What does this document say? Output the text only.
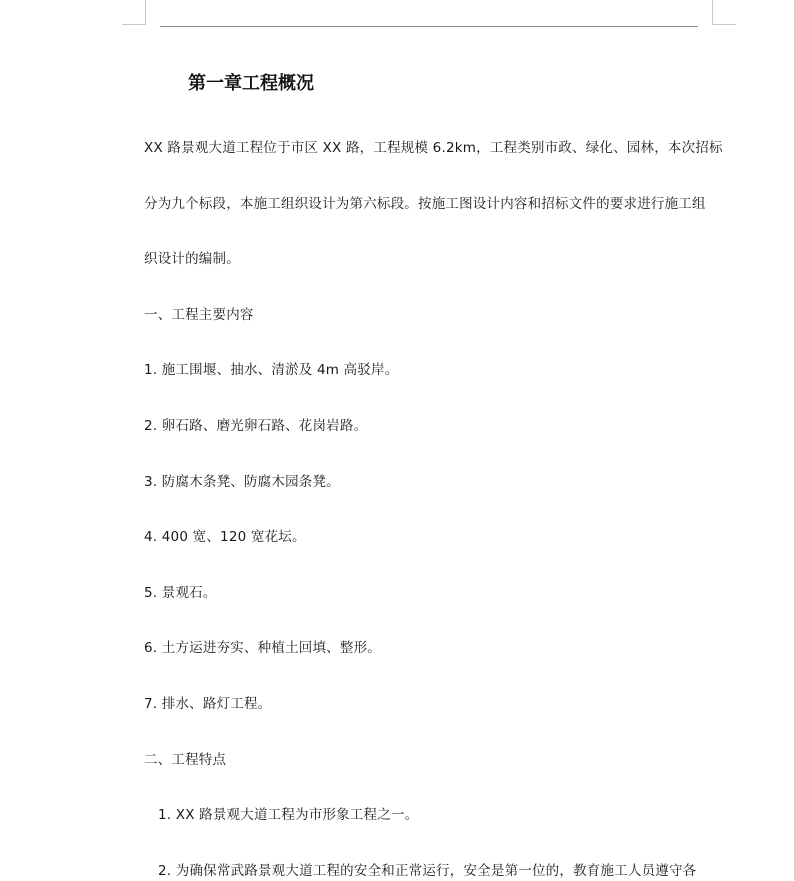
第一章工程概况
XX 路景观大道工程位于市区 XX 路，工程规模 6.2km，工程类别市政、绿化、园林，本次招标
分为九个标段，本施工组织设计为第六标段。按施工图设计内容和招标文件的要求进行施工组
织设计的编制。
一、工程主要内容
1. 施工围堰、抽水、清淤及 4m 高驳岸。
2. 卵石路、磨光卵石路、花岗岩路。
3. 防腐木条凳、防腐木园条凳。
4. 400 宽、120 宽花坛。
5. 景观石。
6. 土方运进夯实、种植土回填、整形。
7. 排水、路灯工程。
二、工程特点
1. XX 路景观大道工程为市形象工程之一。
2. 为确保常武路景观大道工程的安全和正常运行，安全是第一位的，教育施工人员遵守各
